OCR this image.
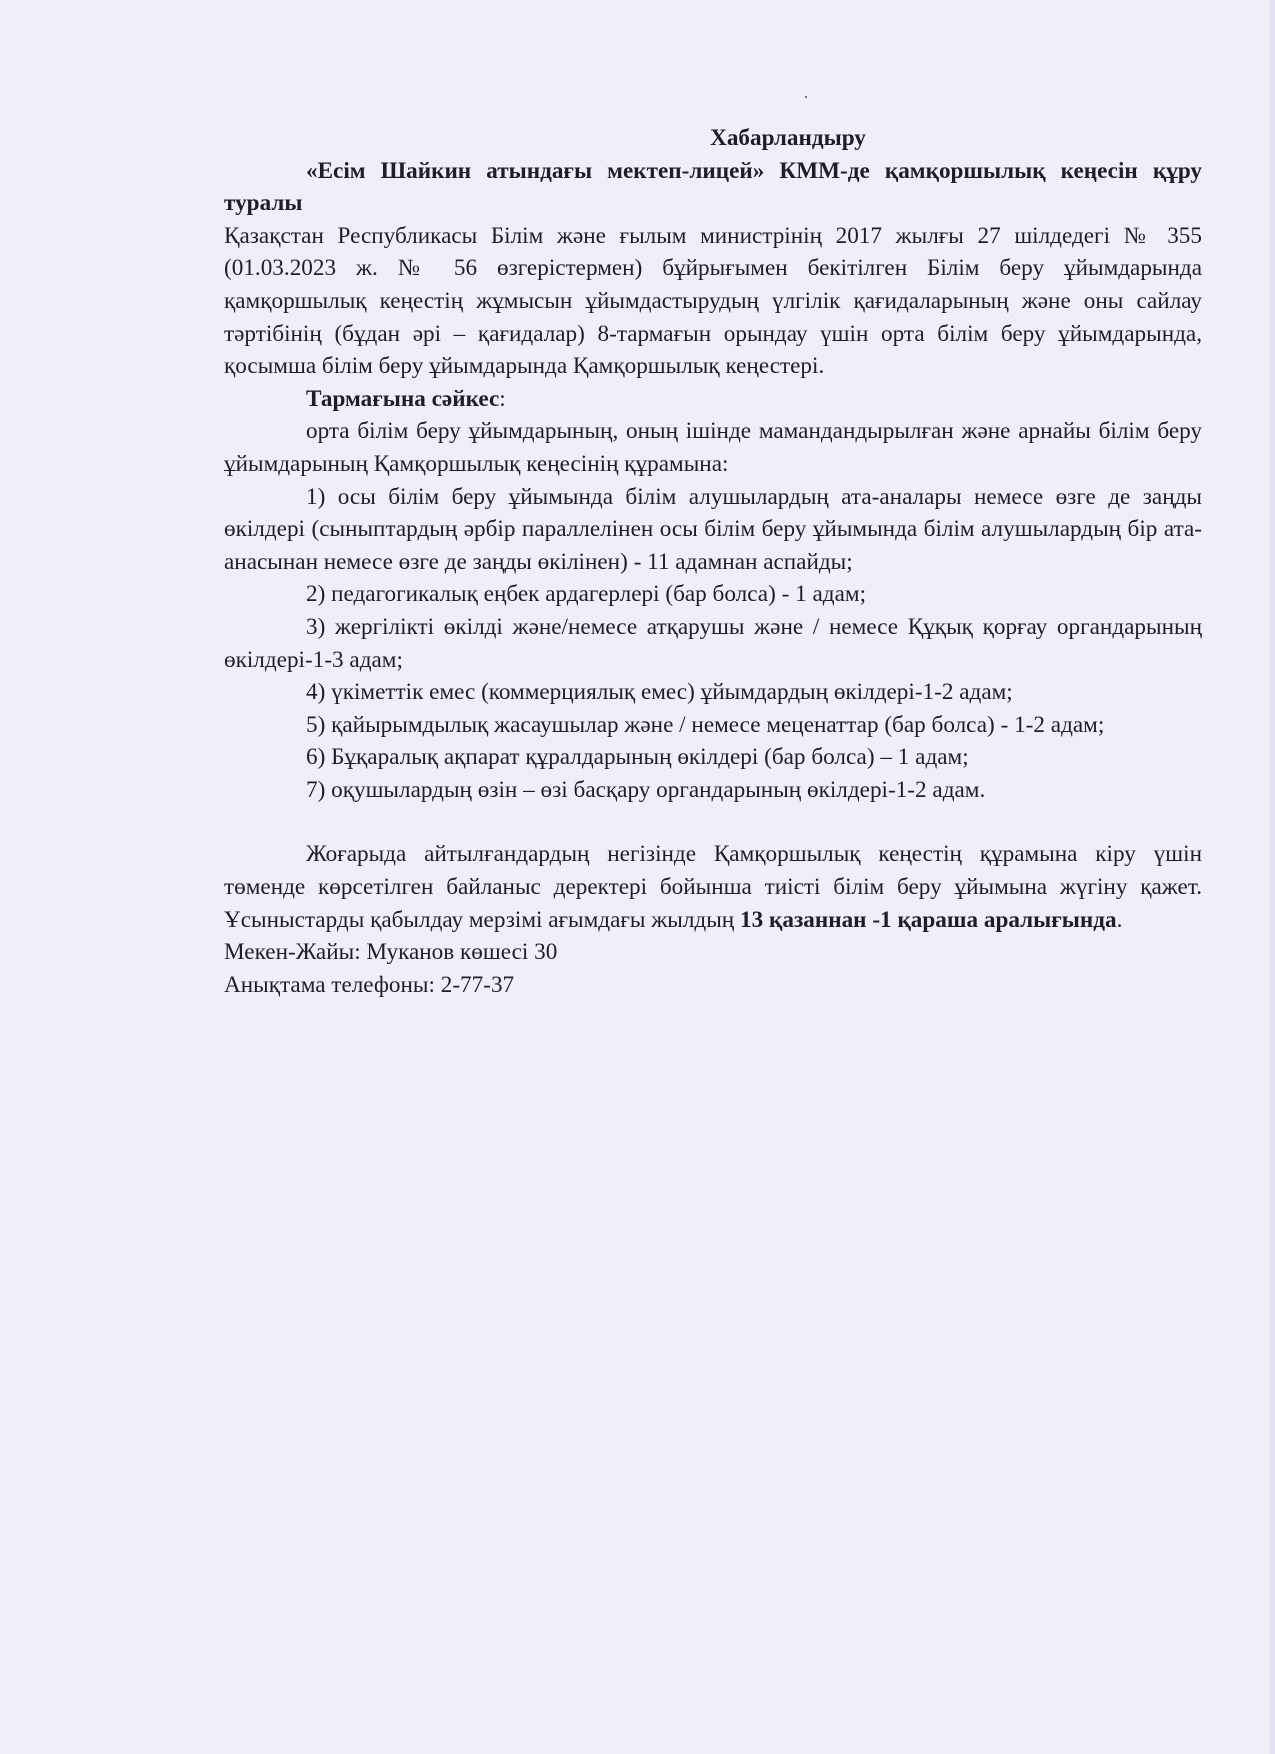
Хабарландыру
«Есім Шайкин атындағы мектеп-лицей» КММ-де қамқоршылық кеңесін құру туралы

Қазақстан Республикасы Білім және ғылым министрінің 2017 жылғы 27 шілдедегі № 355 (01.03.2023 ж. № 56 өзгерістермен) бұйрығымен бекітілген Білім беру ұйымдарында қамқоршылық кеңестің жұмысын ұйымдастырудың үлгілік қағидаларының және оны сайлау тәртібінің (бұдан әрі – қағидалар) 8-тармағын орындау үшін орта білім беру ұйымдарында, қосымша білім беру ұйымдарында Қамқоршылық кеңестері.

Тармағына сәйкес:

орта білім беру ұйымдарының, оның ішінде мамандандырылған және арнайы білім беру ұйымдарының Қамқоршылық кеңесінің құрамына:

1) осы білім беру ұйымында білім алушылардың ата-аналары немесе өзге де заңды өкілдері (сыныптардың әрбір параллелінен осы білім беру ұйымында білім алушылардың бір ата-анасынан немесе өзге де заңды өкілінен) - 11 адамнан аспайды;

2) педагогикалық еңбек ардагерлері (бар болса) - 1 адам;

3) жергілікті өкілді және/немесе атқарушы және / немесе Құқық қорғау органдарының өкілдері-1-3 адам;

4) үкіметтік емес (коммерциялық емес) ұйымдардың өкілдері-1-2 адам;

5) қайырымдылық жасаушылар және / немесе меценаттар (бар болса) - 1-2 адам;

6) Бұқаралық ақпарат құралдарының өкілдері (бар болса) – 1 адам;

7) оқушылардың өзін – өзі басқару органдарының өкілдері-1-2 адам.

Жоғарыда айтылғандардың негізінде Қамқоршылық кеңестің құрамына кіру үшін төменде көрсетілген байланыс деректері бойынша тиісті білім беру ұйымына жүгіну қажет. Ұсыныстарды қабылдау мерзімі ағымдағы жылдың 13 қазаннан -1 қараша аралығында.

Мекен-Жайы: Муканов көшесі 30

Анықтама телефоны: 2-77-37
